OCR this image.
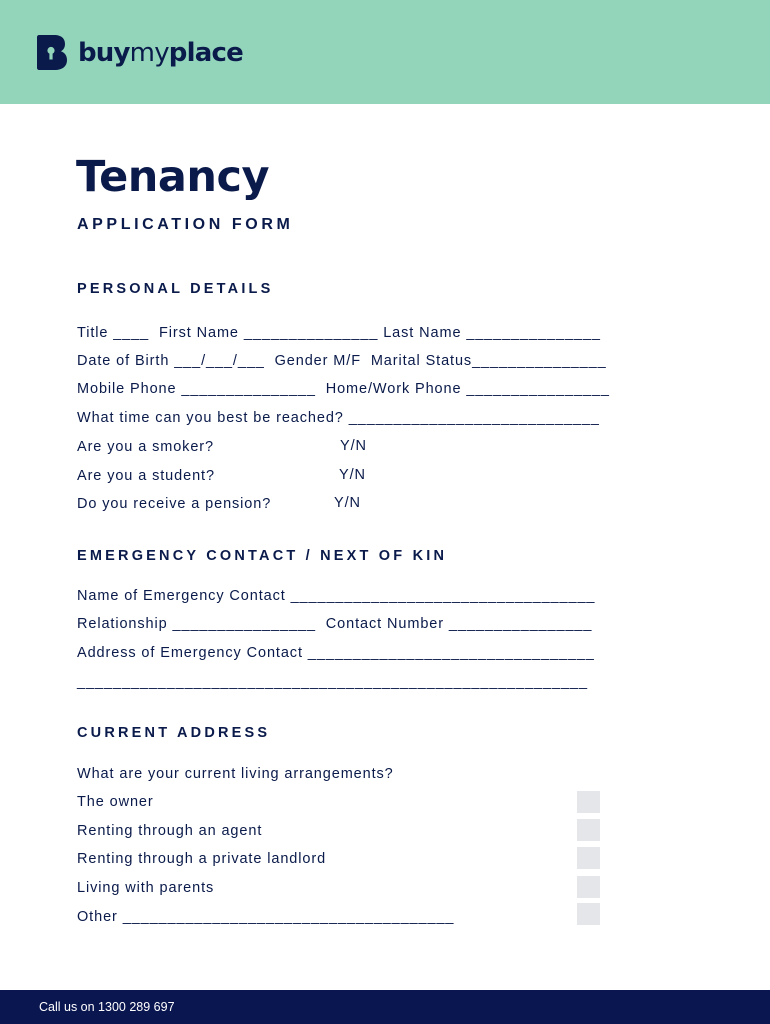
buymyplace
Tenancy
APPLICATION FORM
PERSONAL DETAILS
Title ____  First Name _______________ Last Name _______________
Date of Birth ___/___/___  Gender M/F  Marital Status_______________
Mobile Phone _______________  Home/Work Phone ________________
What time can you best be reached? ____________________________
Are you a smoker?	Y/N
Are you a student?	Y/N
Do you receive a pension?	Y/N
EMERGENCY CONTACT / NEXT OF KIN
Name of Emergency Contact __________________________________
Relationship ________________  Contact Number ________________
Address of Emergency Contact ________________________________
_________________________________________________________
CURRENT ADDRESS
What are your current living arrangements?
The owner
Renting through an agent
Renting through a private landlord
Living with parents
Other _____________________________________
Call us on 1300 289 697
